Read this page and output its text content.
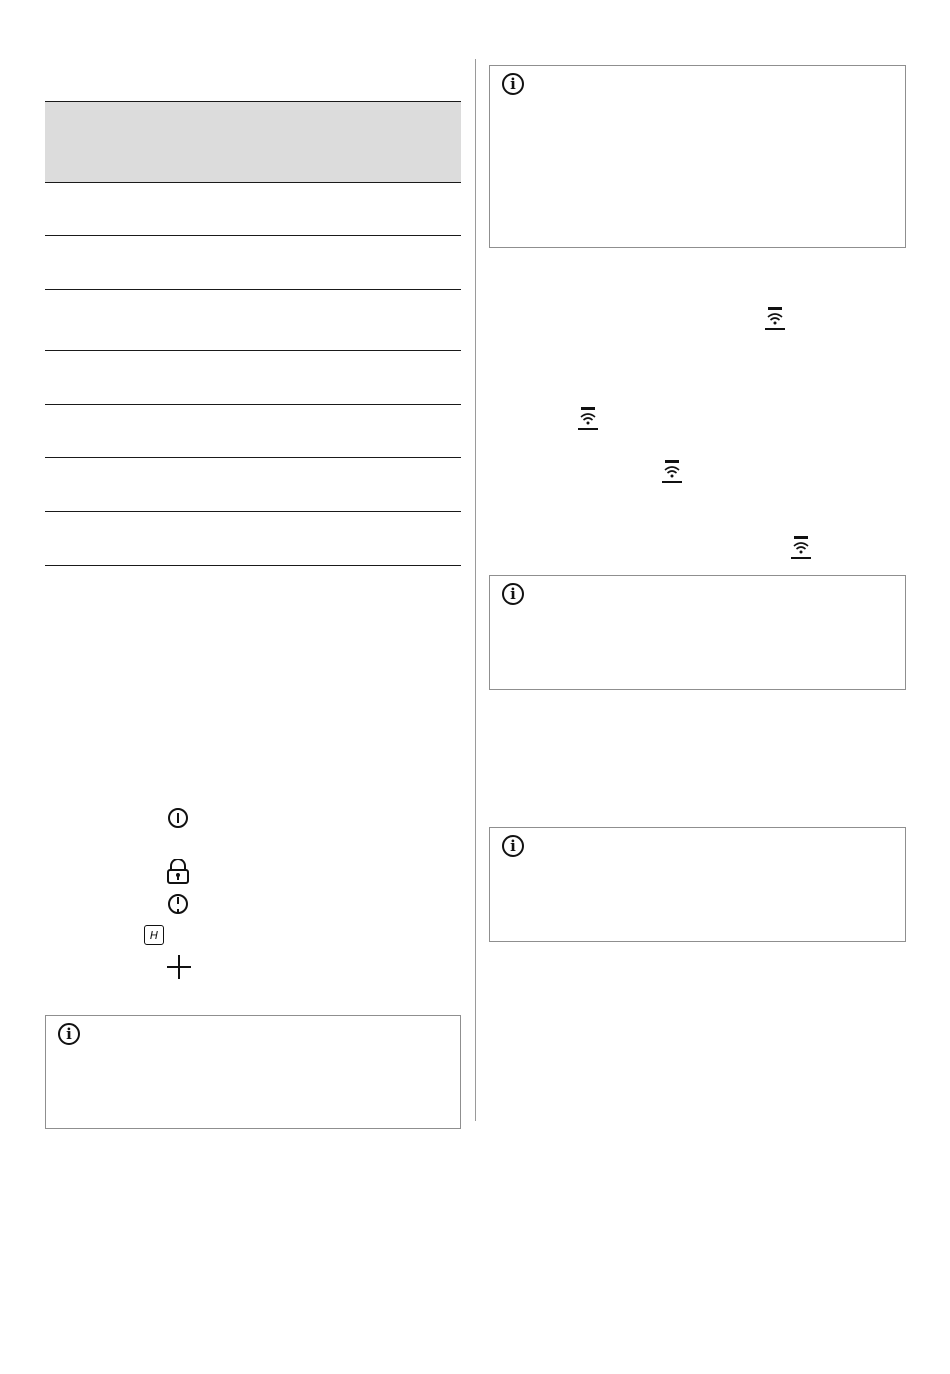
H
i
i
i
i
